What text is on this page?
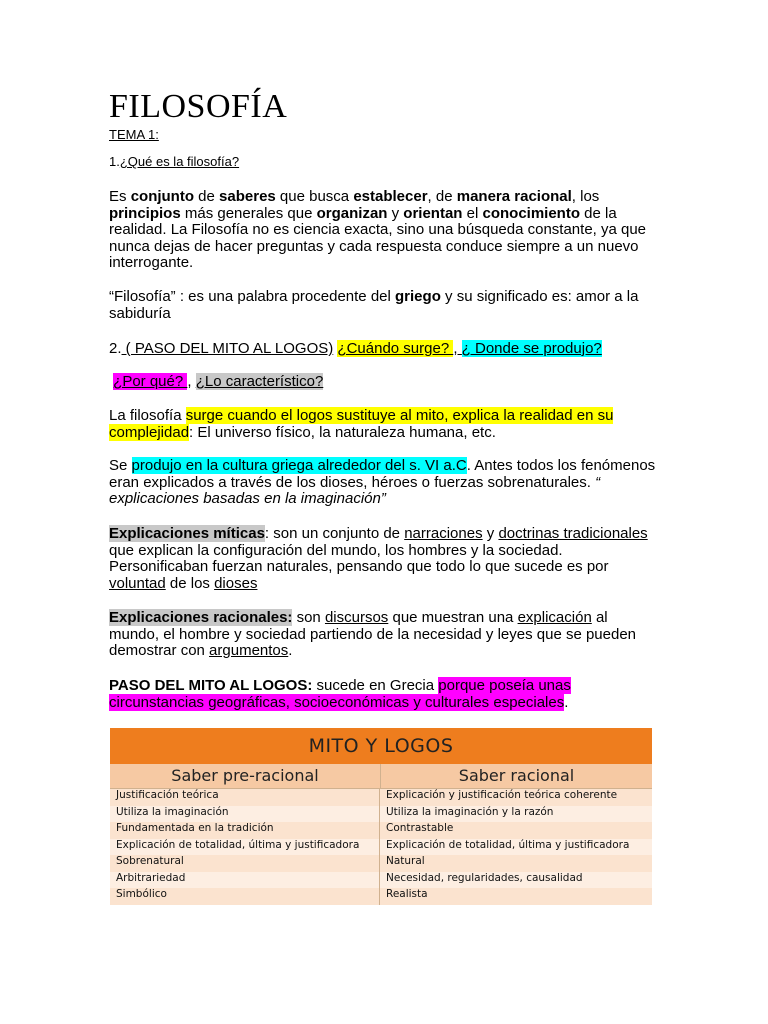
FILOSOFÍA
TEMA 1:
1.¿Qué es la filosofía?
Es conjunto de saberes que busca establecer, de manera racional, los principios más generales que organizan y orientan el conocimiento de la realidad. La Filosofía no es ciencia exacta, sino una búsqueda constante, ya que nunca dejas de hacer preguntas y cada respuesta conduce siempre a un nuevo interrogante.
“Filosofía” : es una palabra procedente del griego y su significado es: amor a la sabiduría
2. ( PASO DEL MITO AL LOGOS) ¿Cuándo surge? , ¿ Donde se produjo?
¿Por qué? , ¿Lo característico?
La filosofía surge cuando el logos sustituye al mito, explica la realidad en su complejidad: El universo físico, la naturaleza humana, etc.
Se produjo en la cultura griega alrededor del s. VI a.C. Antes todos los fenómenos eran explicados a través de los dioses, héroes o fuerzas sobrenaturales. “ explicaciones basadas en la imaginación”
Explicaciones míticas: son un conjunto de narraciones y doctrinas tradicionales que explican la configuración del mundo, los hombres y la sociedad. Personificaban fuerzan naturales, pensando que todo lo que sucede es por voluntad de los dioses
Explicaciones racionales: son discursos que muestran una explicación al mundo, el hombre y sociedad partiendo de la necesidad y leyes que se pueden demostrar con argumentos.
PASO DEL MITO AL LOGOS: sucede en Grecia porque poseía unas circunstancias geográficas, socioeconómicas y culturales especiales.
MITO Y LOGOS
Saber pre-racional	Saber racional
Justificación teórica	Explicación y justificación teórica coherente
Utiliza la imaginación	Utiliza la imaginación y la razón
Fundamentada en la tradición	Contrastable
Explicación de totalidad, última y justificadora	Explicación de totalidad, última y justificadora
Sobrenatural	Natural
Arbitrariedad	Necesidad, regularidades, causalidad
Simbólico	Realista
